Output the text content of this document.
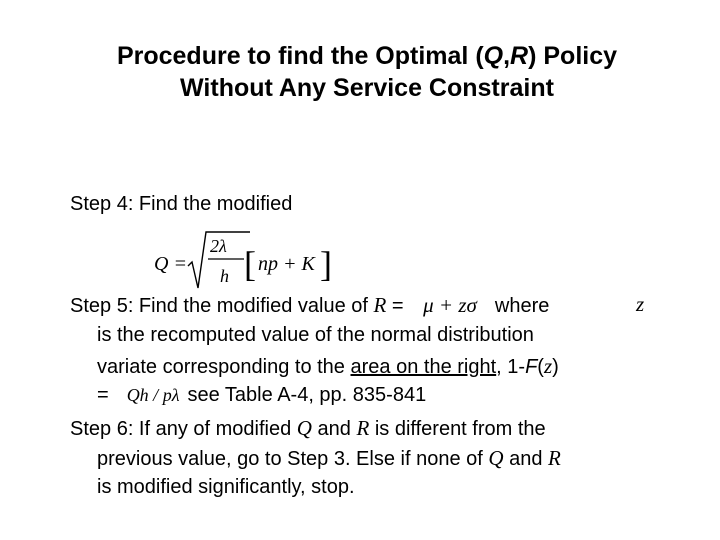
Procedure to find the Optimal (Q,R) Policy
Without Any Service Constraint
Step 4: Find the modified
Q =
2λ
h [ np + K ]
Step 5: Find the modified value of R = μ + zσ where	z
is the recomputed value of the normal distribution
variate corresponding to the area on the right, 1-F(z)
= Qh / pλ see Table A-4, pp. 835-841
Step 6: If any of modified Q and R is different from the
previous value, go to Step 3. Else if none of Q and R
is modified significantly, stop.
